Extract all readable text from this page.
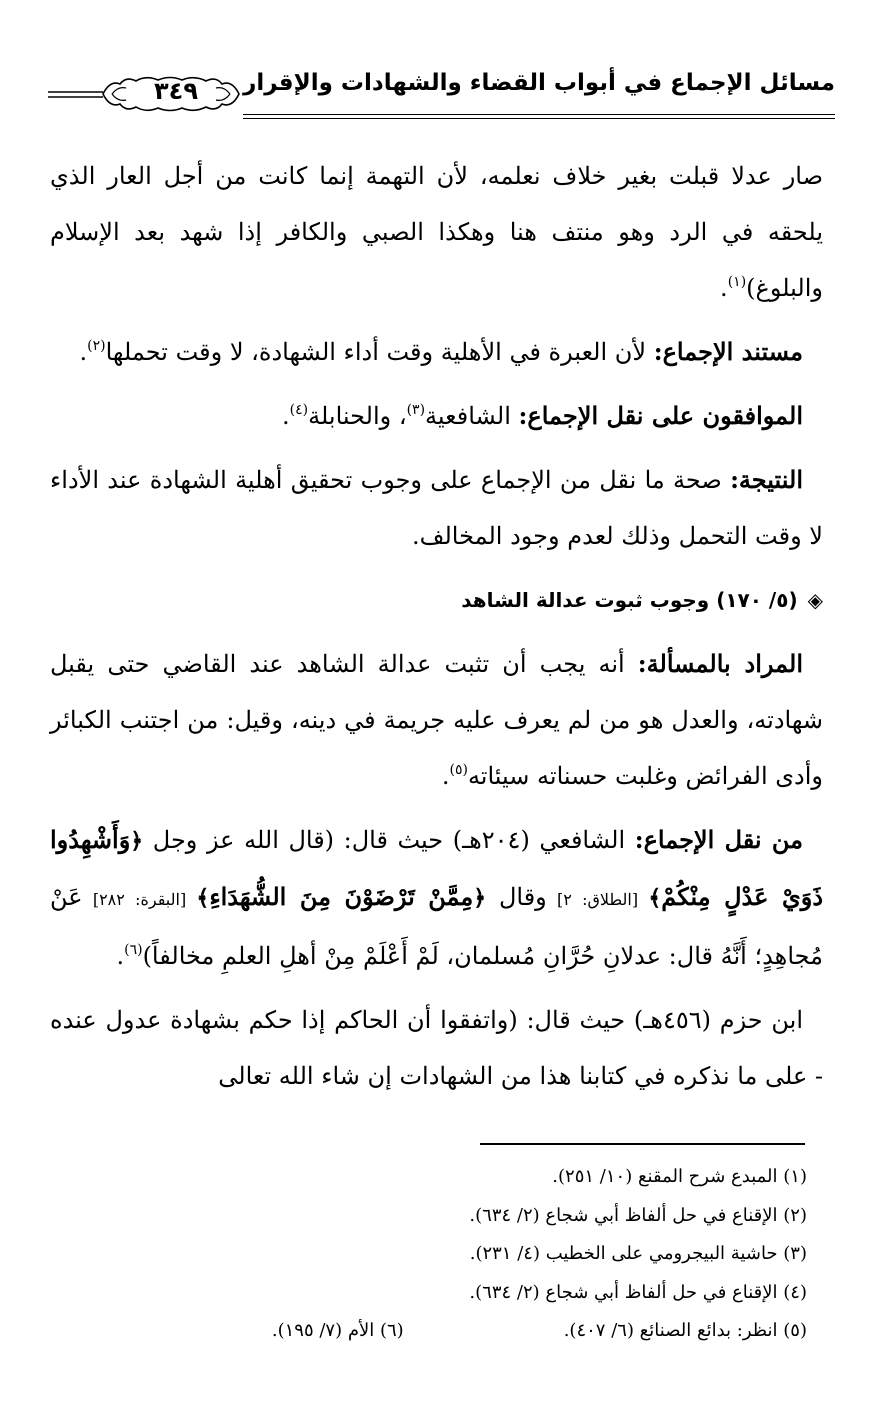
مسائل الإجماع في أبواب القضاء والشهادات والإقرار
٣٤٩

صار عدلا قبلت بغير خلاف نعلمه، لأن التهمة إنما كانت من أجل العار الذي يلحقه في الرد وهو منتف هنا وهكذا الصبي والكافر إذا شهد بعد الإسلام والبلوغ)$^{(١)}$.

مستند الإجماع: لأن العبرة في الأهلية وقت أداء الشهادة، لا وقت تحملها$^{(٢)}$.

الموافقون على نقل الإجماع: الشافعية$^{(٣)}$، والحنابلة$^{(٤)}$.

النتيجة: صحة ما نقل من الإجماع على وجوب تحقيق أهلية الشهادة عند الأداء لا وقت التحمل وذلك لعدم وجود المخالف.

◈(٥/ ١٧٠) وجوب ثبوت عدالة الشاهد

المراد بالمسألة: أنه يجب أن تثبت عدالة الشاهد عند القاضي حتى يقبل شهادته، والعدل هو من لم يعرف عليه جريمة في دينه، وقيل: من اجتنب الكبائر وأدى الفرائض وغلبت حسناته سيئاته$^{(٥)}$.

من نقل الإجماع: الشافعي (٢٠٤هـ) حيث قال: (قال الله عز وجل ﴿وَأَشْهِدُوا ذَوَيْ عَدْلٍ مِنْكُمْ﴾ [الطلاق: ٢] وقال ﴿مِمَّنْ تَرْضَوْنَ مِنَ الشُّهَدَاءِ﴾ [البقرة: ٢٨٢] عَنْ مُجاهِدٍ؛ أَنَّهُ قال: عدلانِ حُرَّانِ مُسلمان، لَمْ أَعْلَمْ مِنْ أهلِ العلمِ مخالفاً)$^{(٦)}$.

ابن حزم (٤٥٦هـ) حيث قال: (واتفقوا أن الحاكم إذا حكم بشهادة عدول عنده - على ما نذكره في كتابنا هذا من الشهادات إن شاء الله تعالى

(١) المبدع شرح المقنع (١٠/ ٢٥١).
(٢) الإقناع في حل ألفاظ أبي شجاع (٢/ ٦٣٤).
(٣) حاشية البيجرومي على الخطيب (٤/ ٢٣١).
(٤) الإقناع في حل ألفاظ أبي شجاع (٢/ ٦٣٤).
(٥) انظر: بدائع الصنائع (٦/ ٤٠٧).
(٦) الأم (٧/ ١٩٥).
